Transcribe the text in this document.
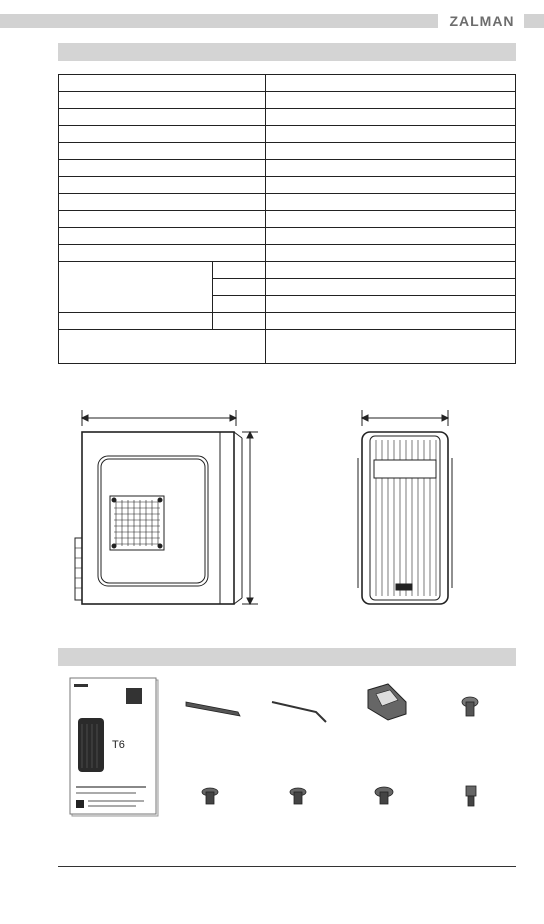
ZALMAN
T6
